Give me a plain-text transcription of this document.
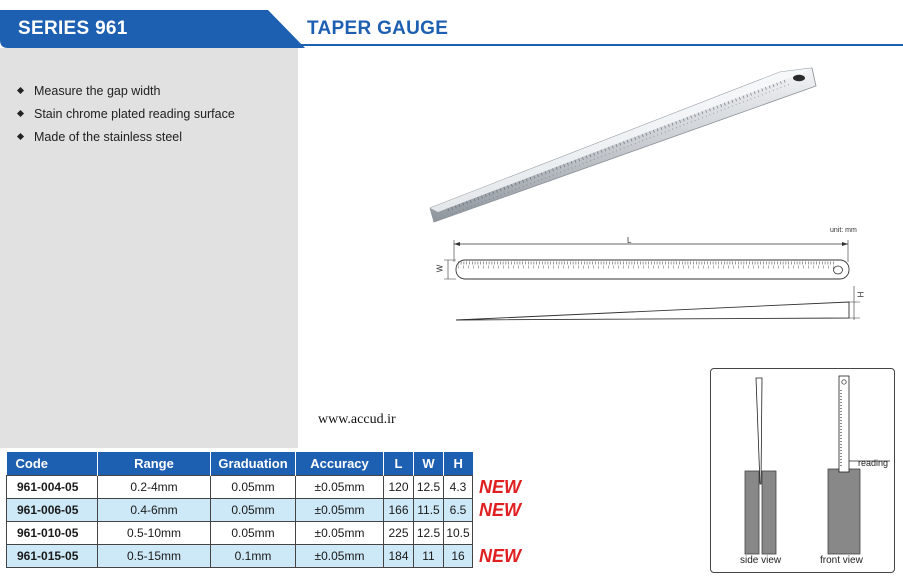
SERIES 961	TAPER GAUGE
Measure the gap width
Stain chrome plated reading surface
Made of the stainless steel
www.accud.ir
unit: mm
L
W
H
reading
side view	front view
Code	Range	Graduation	Accuracy	L	W	H	
961-004-05	0.2-4mm	0.05mm	±0.05mm	120	12.5	4.3	NEW
961-006-05	0.4-6mm	0.05mm	±0.05mm	166	11.5	6.5	NEW
961-010-05	0.5-10mm	0.05mm	±0.05mm	225	12.5	10.5	
961-015-05	0.5-15mm	0.1mm	±0.05mm	184	11	16	NEW
